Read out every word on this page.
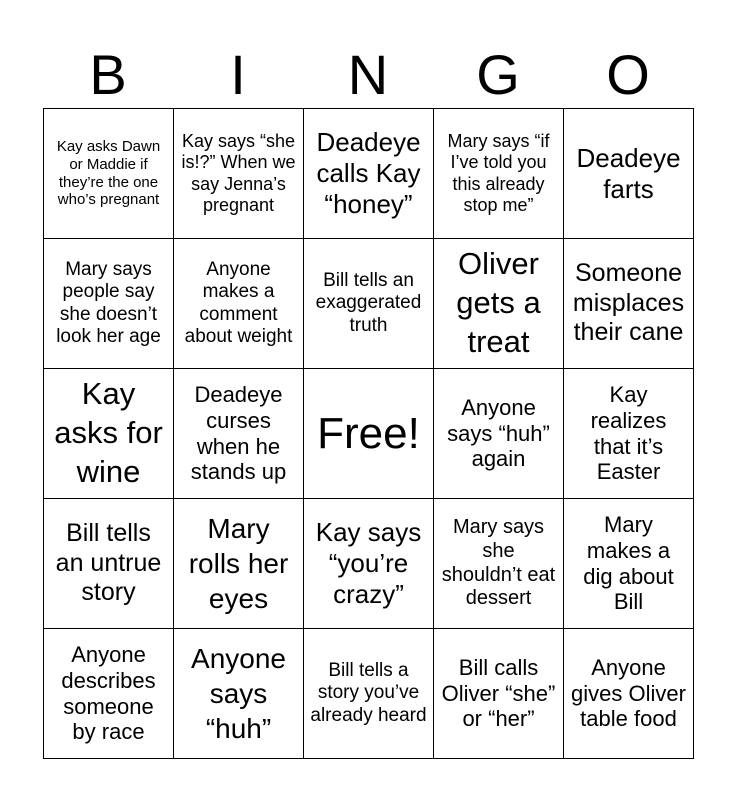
B	I	N	G	O
Kay asks Dawn or Maddie if they’re the one who’s pregnant
Kay says “she is!?” When we say Jenna’s pregnant
Deadeye calls Kay “honey”
Mary says “if I’ve told you this already stop me”
Deadeye farts
Mary says people say she doesn’t look her age
Anyone makes a comment about weight
Bill tells an exaggerated truth
Oliver gets a treat
Someone misplaces their cane
Kay asks for wine
Deadeye curses when he stands up
Free!
Anyone says “huh” again
Kay realizes that it’s Easter
Bill tells an untrue story
Mary rolls her eyes
Kay says “you’re crazy”
Mary says she shouldn’t eat dessert
Mary makes a dig about Bill
Anyone describes someone by race
Anyone says “huh”
Bill tells a story you’ve already heard
Bill calls Oliver “she” or “her”
Anyone gives Oliver table food
